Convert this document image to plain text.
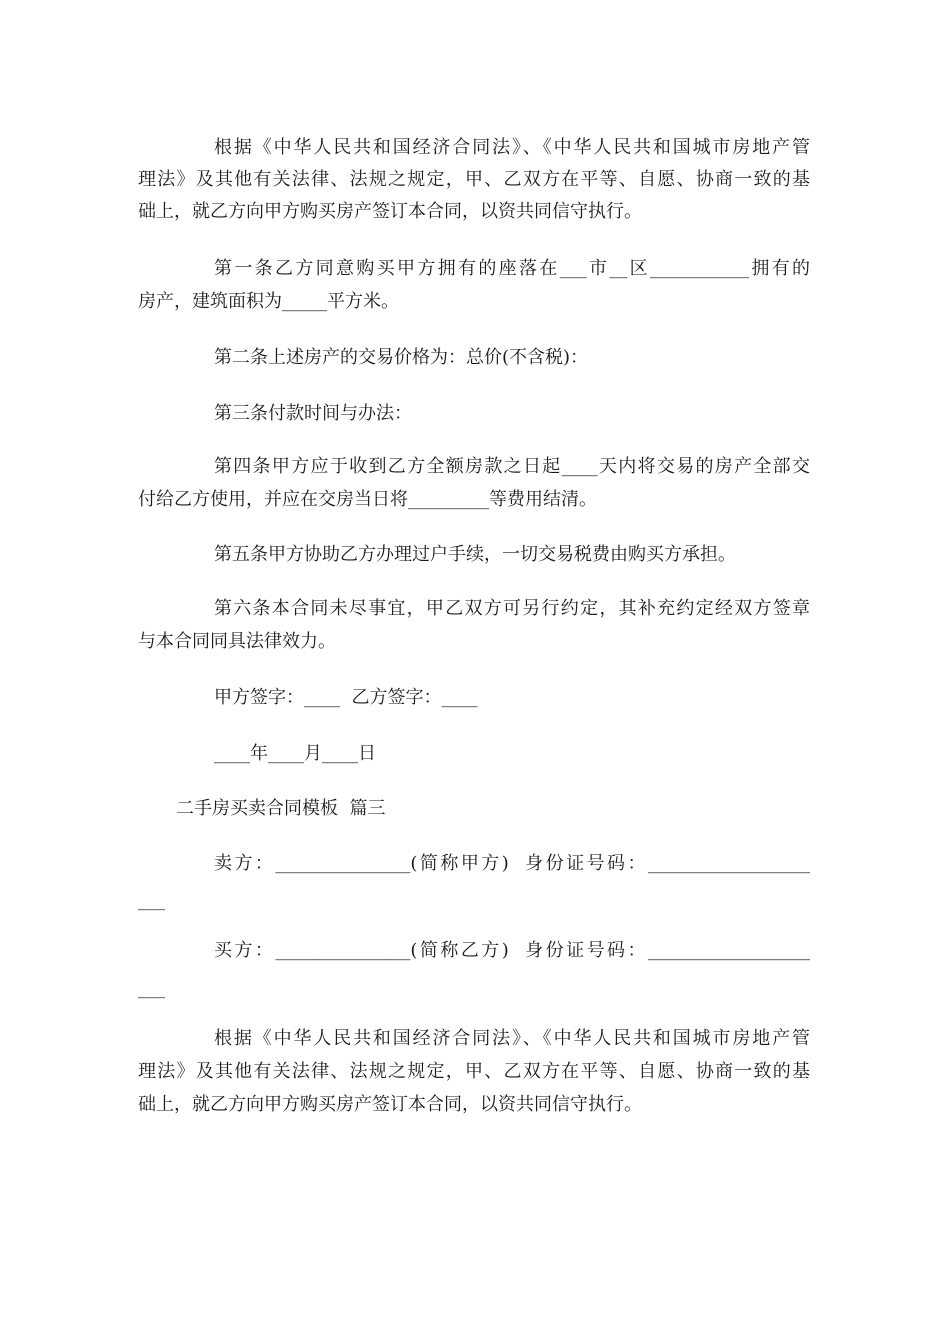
根据《中华人民共和国经济合同法》、《中华人民共和国城市房地产管
理法》及其他有关法律、法规之规定，甲、乙双方在平等、自愿、协商一致的基
础上，就乙方向甲方购买房产签订本合同，以资共同信守执行。
第一条乙方同意购买甲方拥有的座落在___市__区___________拥有的
房产，建筑面积为_____平方米。
第二条上述房产的交易价格为：总价(不含税)：
第三条付款时间与办法：
第四条甲方应于收到乙方全额房款之日起____天内将交易的房产全部交
付给乙方使用，并应在交房当日将_________等费用结清。
第五条甲方协助乙方办理过户手续，一切交易税费由购买方承担。
第六条本合同未尽事宜，甲乙双方可另行约定，其补充约定经双方签章
与本合同同具法律效力。
甲方签字：____  乙方签字：____
____年____月____日
二手房买卖合同模板  篇三
卖方：_______________(简称甲方)  身份证号码：__________________
___
买方：_______________(简称乙方)  身份证号码：__________________
___
根据《中华人民共和国经济合同法》、《中华人民共和国城市房地产管
理法》及其他有关法律、法规之规定，甲、乙双方在平等、自愿、协商一致的基
础上，就乙方向甲方购买房产签订本合同，以资共同信守执行。
